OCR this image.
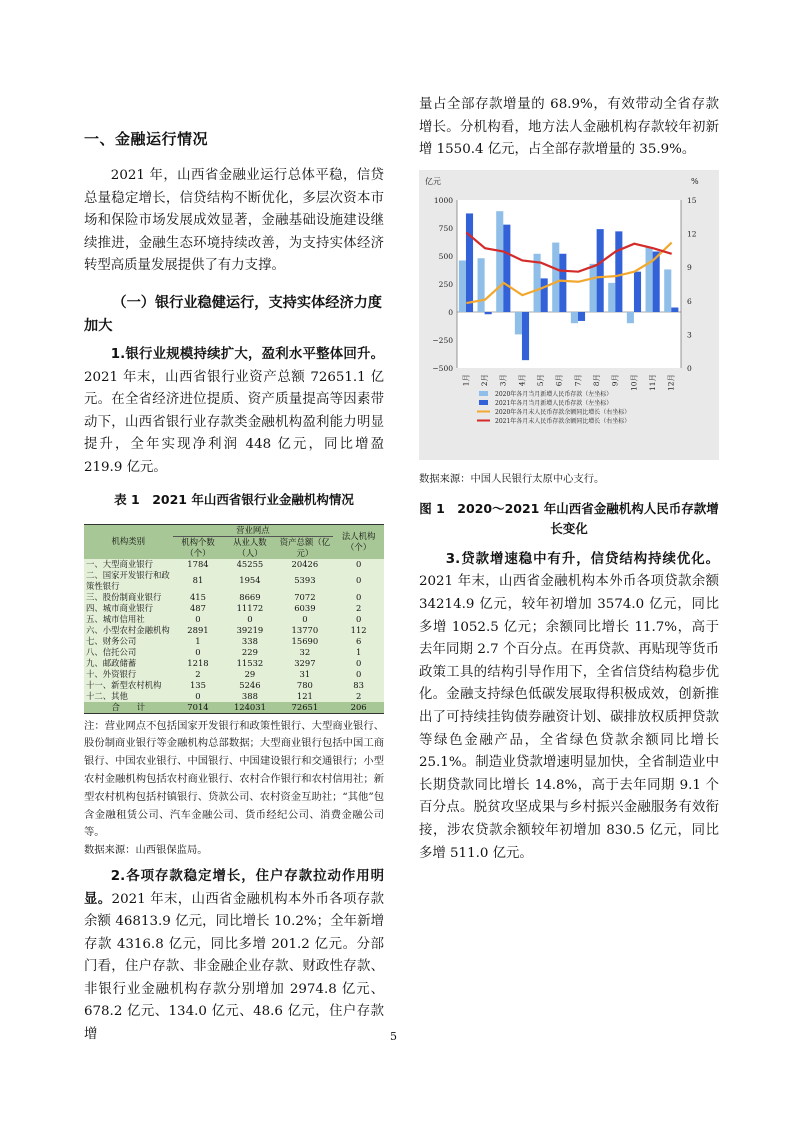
一、金融运行情况

2021 年，山西省金融业运行总体平稳，信贷总量稳定增长，信贷结构不断优化，多层次资本市场和保险市场发展成效显著，金融基础设施建设继续推进，金融生态环境持续改善，为支持实体经济转型高质量发展提供了有力支撑。

（一）银行业稳健运行，支持实体经济力度加大

1.银行业规模持续扩大，盈利水平整体回升。2021 年末，山西省银行业资产总额 72651.1 亿元。在全省经济进位提质、资产质量提高等因素带动下，山西省银行业存款类金融机构盈利能力明显提升，全年实现净利润 448 亿元，同比增盈 219.9 亿元。

表 1　2021 年山西省银行业金融机构情况
机构类别	营业网点			法人机构（个）
	机构个数（个）	从业人数（人）	资产总额（亿元）	
一、大型商业银行	1784	45255	20426	0
二、国家开发银行和政策性银行	81	1954	5393	0
三、股份制商业银行	415	8669	7072	0
四、城市商业银行	487	11172	6039	2
五、城市信用社	0	0	0	0
六、小型农村金融机构	2891	39219	13770	112
七、财务公司	1	338	15690	6
八、信托公司	0	229	32	1
九、邮政储蓄	1218	11532	3297	0
十、外资银行	2	29	31	0
十一、新型农村机构	135	5246	780	83
十二、其他	0	388	121	2
合　　计	7014	124031	72651	206

注：营业网点不包括国家开发银行和政策性银行、大型商业银行、股份制商业银行等金融机构总部数据；大型商业银行包括中国工商银行、中国农业银行、中国银行、中国建设银行和交通银行；小型农村金融机构包括农村商业银行、农村合作银行和农村信用社；新型农村机构包括村镇银行、贷款公司、农村资金互助社；“其他”包含金融租赁公司、汽车金融公司、货币经纪公司、消费金融公司等。

数据来源：山西银保监局。

2.各项存款稳定增长，住户存款拉动作用明显。2021 年末，山西省金融机构本外币各项存款余额 46813.9 亿元，同比增长 10.2%；全年新增存款 4316.8 亿元，同比多增 201.2 亿元。分部门看，住户存款、非金融企业存款、财政性存款、非银行业金融机构存款分别增加 2974.8 亿元、678.2 亿元、134.0 亿元、48.6 亿元，住户存款增

量占全部存款增量的 68.9%，有效带动全省存款增长。分机构看，地方法人金融机构存款较年初新增 1550.4 亿元，占全部存款增量的 35.9%。

亿元	%
1000
750
500
250
0
−250
−500
15
12
9
6
3
0
1月 2月 3月 4月 5月 6月 7月 8月 9月 10月 11月 12月
2020年各月当月新增人民币存款（左坐标）
2021年各月当月新增人民币存款（左坐标）
2020年各月末人民币存款余额同比增长（右坐标）
2021年各月末人民币存款余额同比增长（右坐标）
数据来源：中国人民银行太原中心支行。
图 1　2020～2021 年山西省金融机构人民币存款增长变化

3.贷款增速稳中有升，信贷结构持续优化。2021 年末，山西省金融机构本外币各项贷款余额 34214.9 亿元，较年初增加 3574.0 亿元，同比多增 1052.5 亿元；余额同比增长 11.7%，高于去年同期 2.7 个百分点。在再贷款、再贴现等货币政策工具的结构引导作用下，全省信贷结构稳步优化。金融支持绿色低碳发展取得积极成效，创新推出了可持续挂钩债券融资计划、碳排放权质押贷款等绿色金融产品，全省绿色贷款余额同比增长 25.1%。制造业贷款增速明显加快，全省制造业中长期贷款同比增长 14.8%，高于去年同期 9.1 个百分点。脱贫攻坚成果与乡村振兴金融服务有效衔接，涉农贷款余额较年初增加 830.5 亿元，同比多增 511.0 亿元。

5
